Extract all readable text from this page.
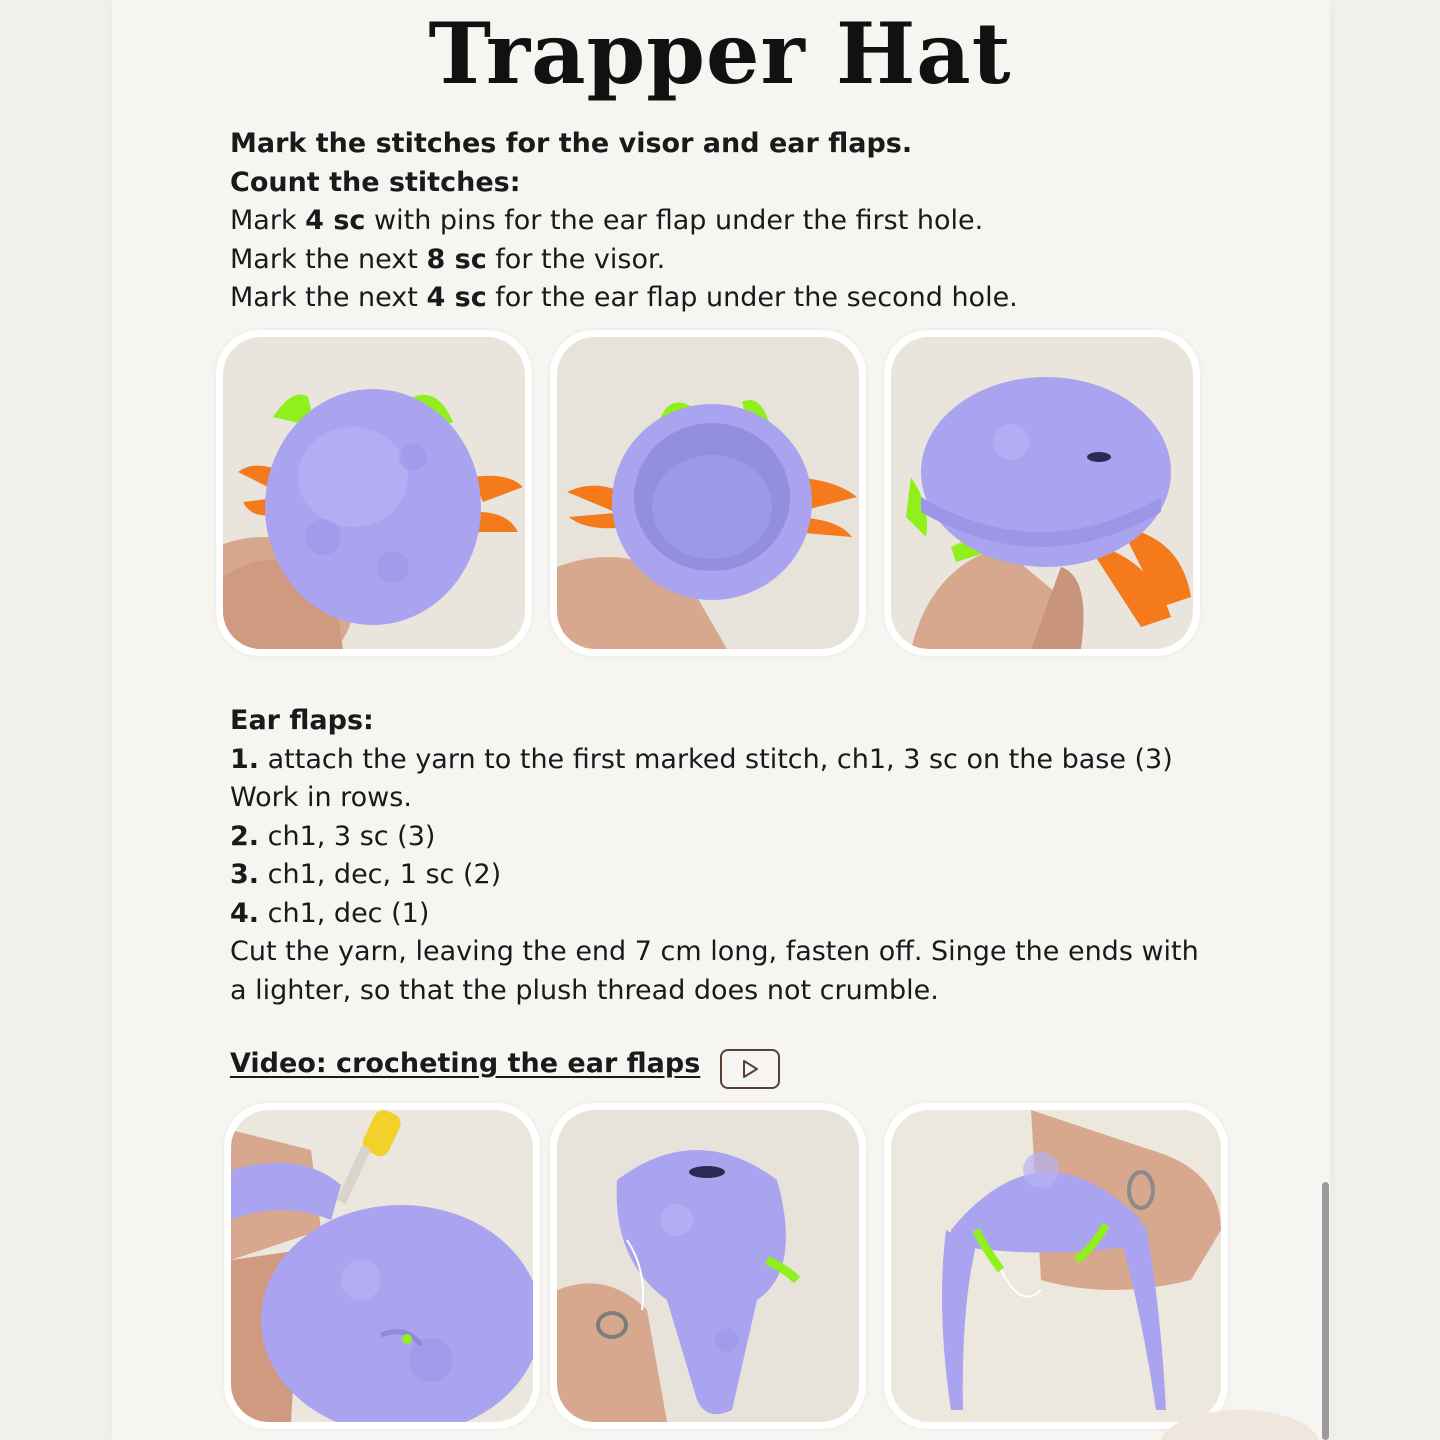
Trapper Hat

Mark the stitches for the visor and ear flaps.

Count the stitches:

Mark 4 sc with pins for the ear flap under the first hole.

Mark the next 8 sc for the visor.

Mark the next 4 sc for the ear flap under the second hole.

Ear flaps:

1. attach the yarn to the first marked stitch, ch1, 3 sc on the base (3)

Work in rows.

2. ch1, 3 sc (3)

3. ch1, dec, 1 sc (2)

4. ch1, dec (1)

Cut the yarn, leaving the end 7 cm long, fasten off. Singe the ends with

a lighter, so that the plush thread does not crumble.

Video: crocheting the ear flaps
